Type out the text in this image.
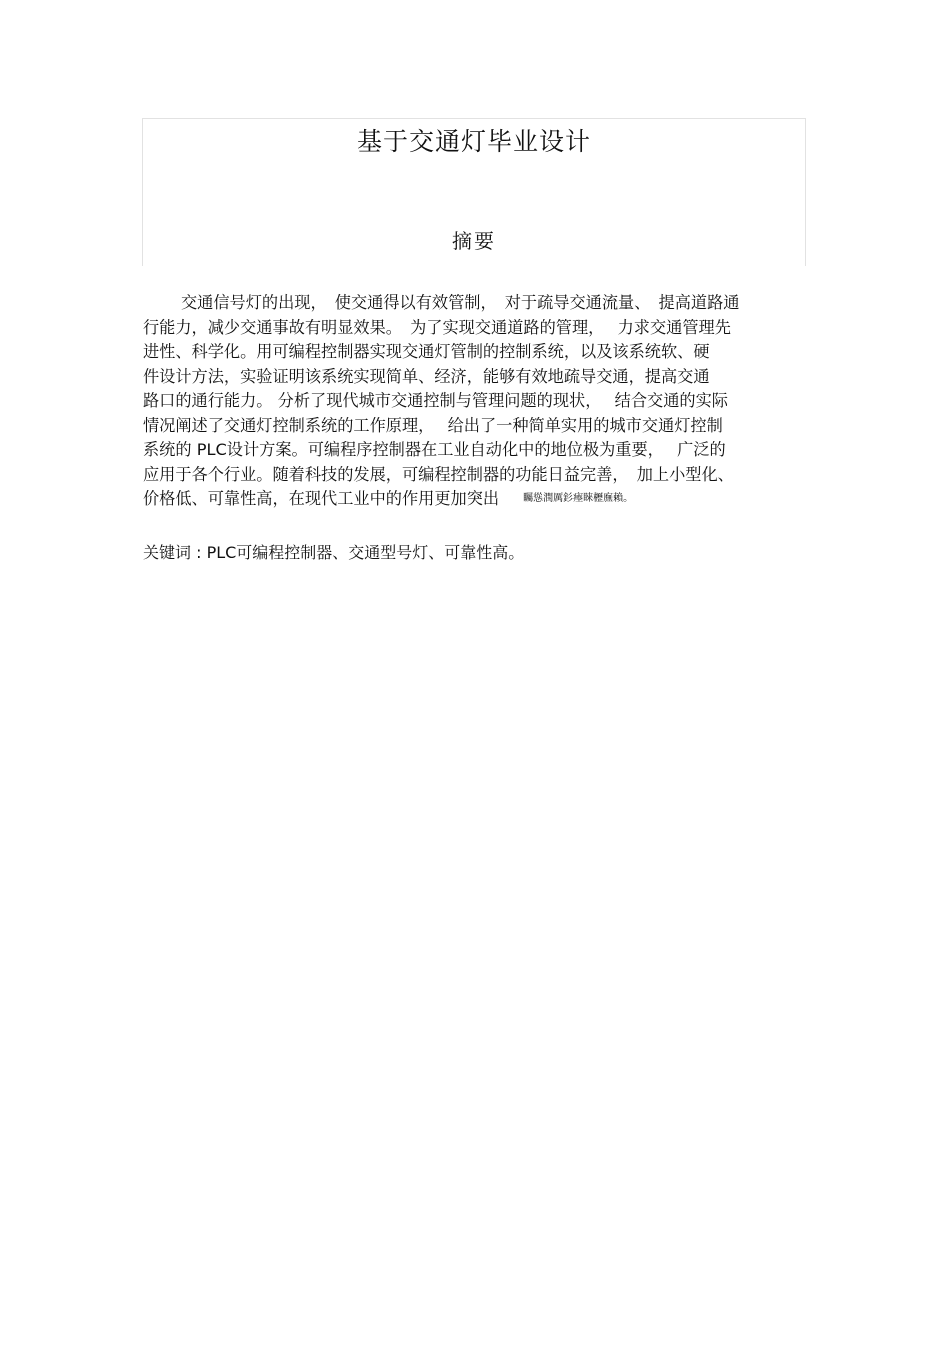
基于交通灯毕业设计
摘要
交通信号灯的出现，　使交通得以有效管制，　对于疏导交通流量、　提高道路通
行能力，减少交通事故有明显效果。　为了实现交通道路的管理，　 力求交通管理先
进性、科学化。用可编程控制器实现交通灯管制的控制系统，以及该系统软、硬
件设计方法，实验证明该系统实现简单、经济，能够有效地疏导交通，提高交通
路口的通行能力。 分析了现代城市交通控制与管理问题的现状，　 结合交通的实际
情况阐述了交通灯控制系统的工作原理，　 给出了一种简单实用的城市交通灯控制
系统的 PLC设计方案。可编程序控制器在工业自动化中的地位极为重要，　 广泛的
应用于各个行业。随着科技的发展，可编程控制器的功能日益完善，　加上小型化、
价格低、可靠性高，在现代工业中的作用更加突出 矚慫潤厲釤瘞睞櫪廡賴。
关键词 : PLC可编程控制器、交通型号灯、可靠性高。
